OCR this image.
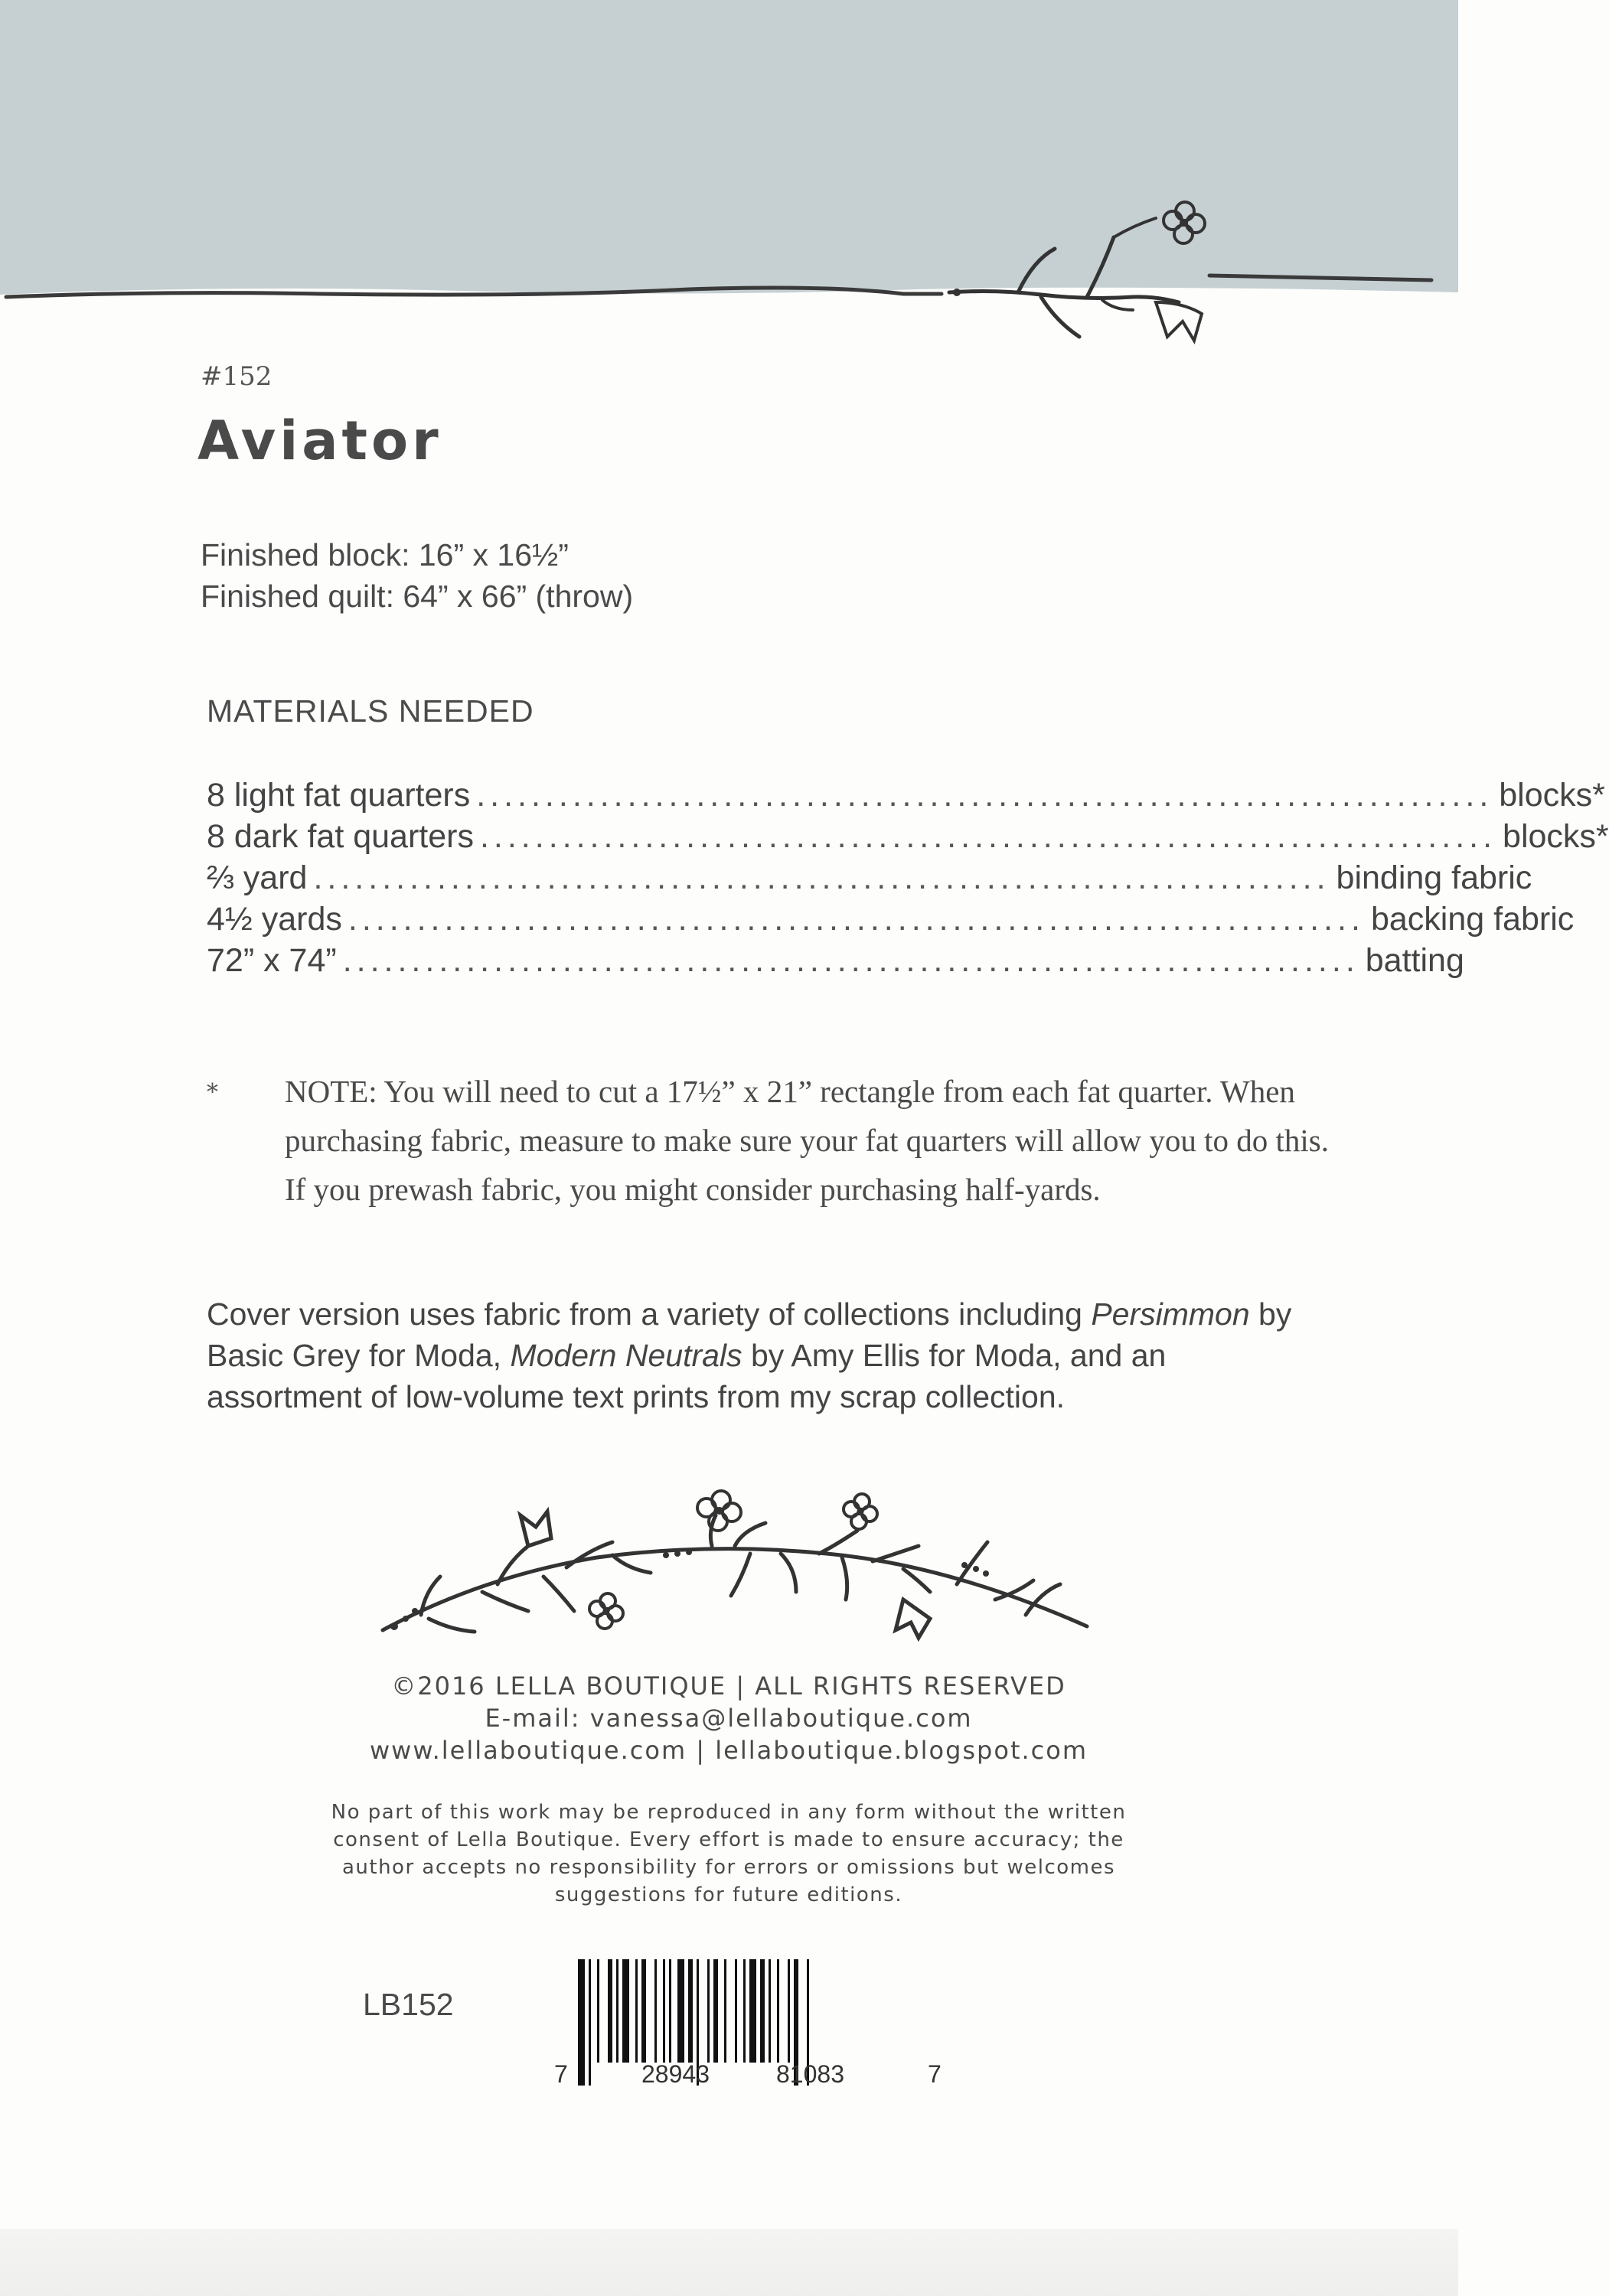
#152
Aviator
Finished block: 16” x 16½”
Finished quilt: 64” x 66” (throw)
MATERIALS NEEDED
8 light fat quarters .......................................................................... blocks*
8 dark fat quarters .......................................................................... blocks*
⅔ yard .......................................................................... binding fabric
4½ yards .......................................................................... backing fabric
72” x 74” .......................................................................... batting
* NOTE: You will need to cut a 17½” x 21” rectangle from each fat quarter. When purchasing fabric, measure to make sure your fat quarters will allow you to do this. If you prewash fabric, you might consider purchasing half-yards.
Cover version uses fabric from a variety of collections including Persimmon by Basic Grey for Moda, Modern Neutrals by Amy Ellis for Moda, and an assortment of low-volume text prints from my scrap collection.
©2016 LELLA BOUTIQUE | ALL RIGHTS RESERVED
E-mail: vanessa@lellaboutique.com
www.lellaboutique.com | lellaboutique.blogspot.com
No part of this work may be reproduced in any form without the written consent of Lella Boutique. Every effort is made to ensure accuracy; the author accepts no responsibility for errors or omissions but welcomes suggestions for future editions.
LB152
7	28943	81083	7
